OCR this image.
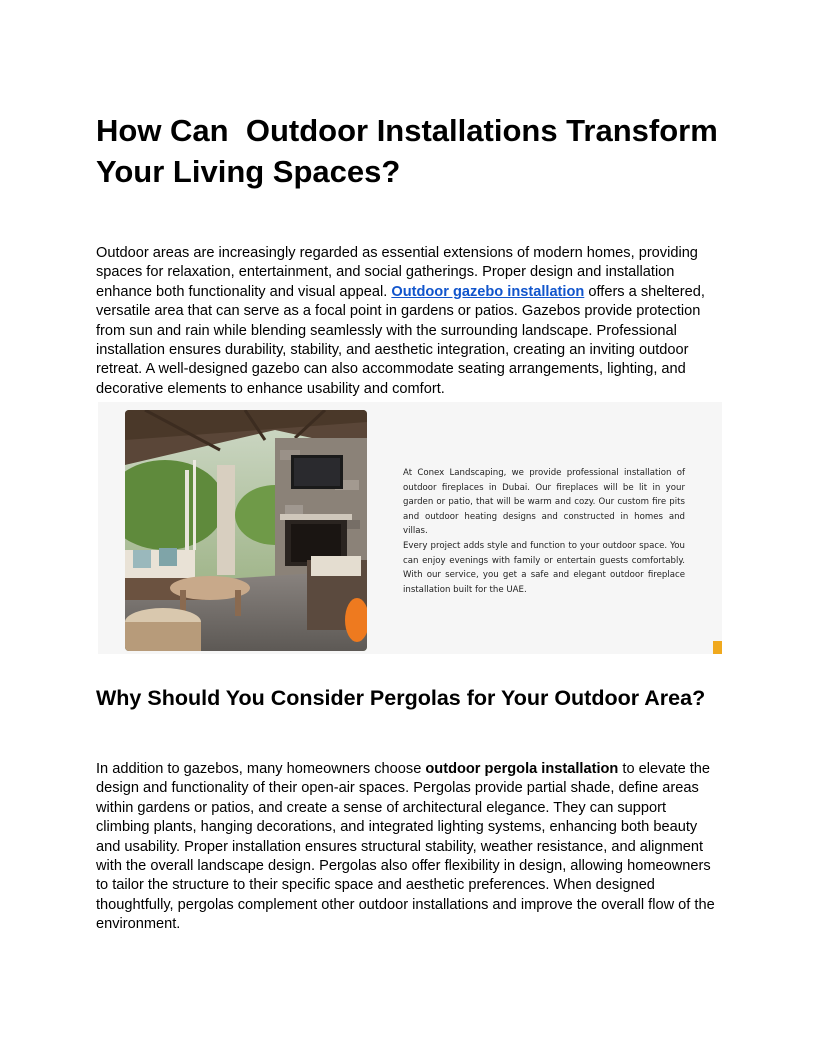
How Can  Outdoor Installations Transform Your Living Spaces?

Outdoor areas are increasingly regarded as essential extensions of modern homes, providing spaces for relaxation, entertainment, and social gatherings. Proper design and installation enhance both functionality and visual appeal. Outdoor gazebo installation offers a sheltered, versatile area that can serve as a focal point in gardens or patios. Gazebos provide protection from sun and rain while blending seamlessly with the surrounding landscape. Professional installation ensures durability, stability, and aesthetic integration, creating an inviting outdoor retreat. A well-designed gazebo can also accommodate seating arrangements, lighting, and decorative elements to enhance usability and comfort.

At Conex Landscaping, we provide professional installation of outdoor fireplaces in Dubai. Our fireplaces will be lit in your garden or patio, that will be warm and cozy. Our custom fire pits and outdoor heating designs and constructed in homes and villas.

Every project adds style and function to your outdoor space. You can enjoy evenings with family or entertain guests comfortably. With our service, you get a safe and elegant outdoor fireplace installation built for the UAE.

Why Should You Consider Pergolas for Your Outdoor Area?

In addition to gazebos, many homeowners choose outdoor pergola installation to elevate the design and functionality of their open-air spaces. Pergolas provide partial shade, define areas within gardens or patios, and create a sense of architectural elegance. They can support climbing plants, hanging decorations, and integrated lighting systems, enhancing both beauty and usability. Proper installation ensures structural stability, weather resistance, and alignment with the overall landscape design. Pergolas also offer flexibility in design, allowing homeowners to tailor the structure to their specific space and aesthetic preferences. When designed thoughtfully, pergolas complement other outdoor installations and improve the overall flow of the environment.
